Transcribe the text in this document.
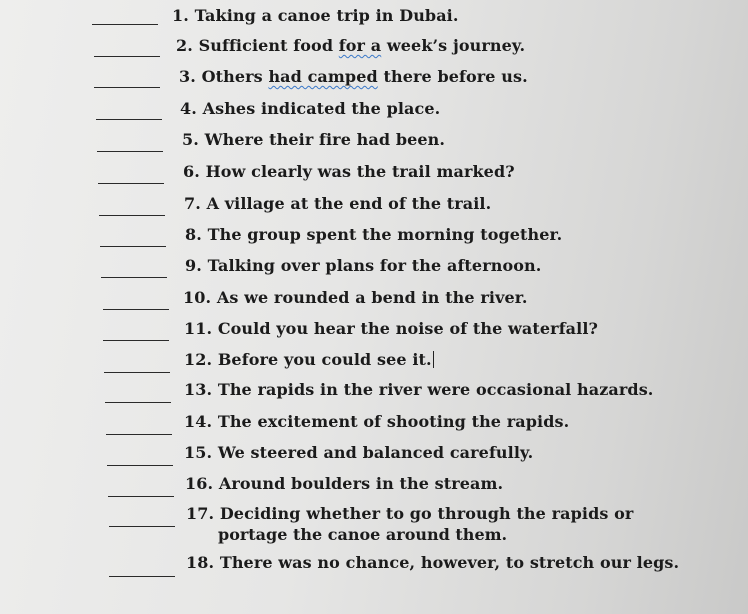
1. Taking a canoe trip in Dubai.
2. Sufficient food for a week’s journey.
3. Others had camped there before us.
4. Ashes indicated the place.
5. Where their fire had been.
6. How clearly was the trail marked?
7. A village at the end of the trail.
8. The group spent the morning together.
9. Talking over plans for the afternoon.
10. As we rounded a bend in the river.
11. Could you hear the noise of the waterfall?
12. Before you could see it.
13. The rapids in the river were occasional hazards.
14. The excitement of shooting the rapids.
15. We steered and balanced carefully.
16. Around boulders in the stream.
17. Deciding whether to go through the rapids or
portage the canoe around them.
18. There was no chance, however, to stretch our legs.
